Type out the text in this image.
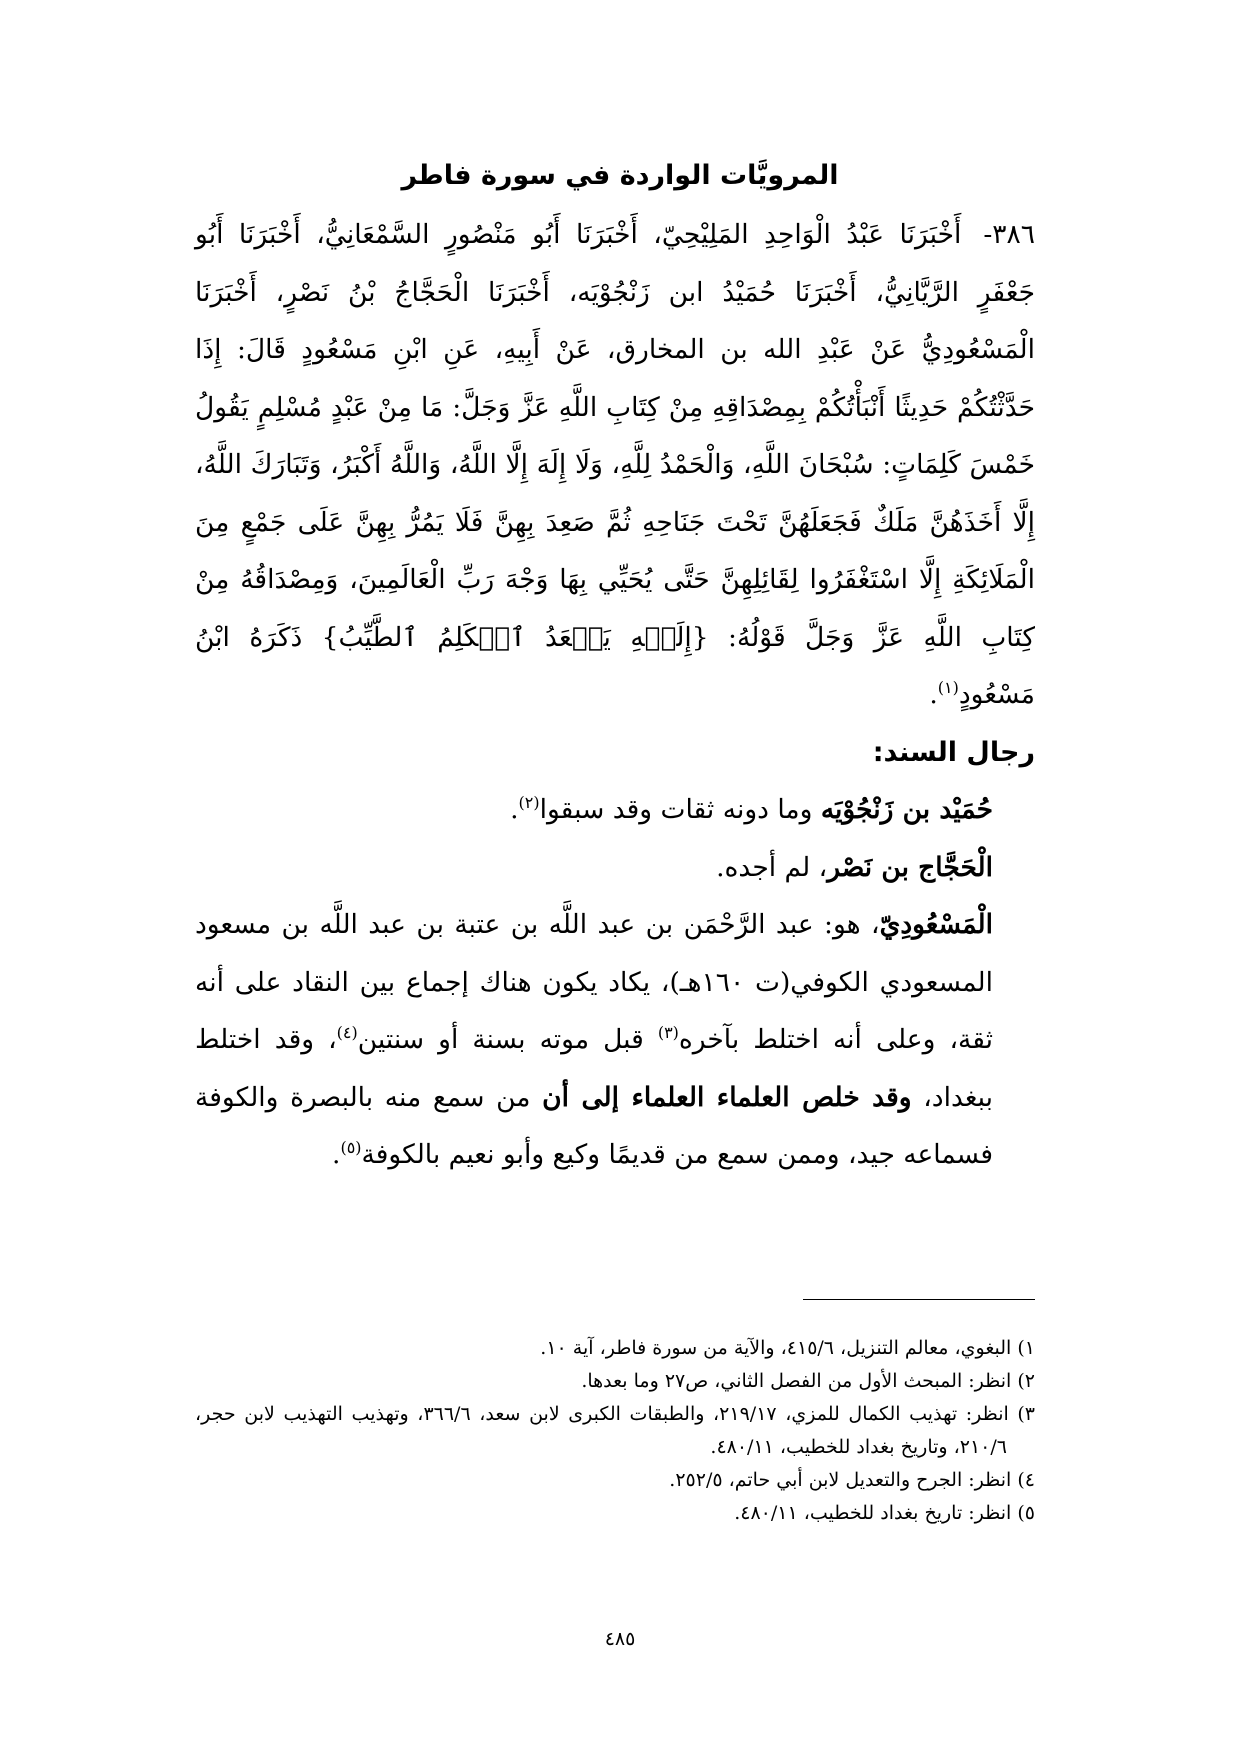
المرويَّات الواردة في سورة فاطر

٣٨٦-أَخْبَرَنَا عَبْدُ الْوَاحِدِ المَلِيْحِيّ، أَخْبَرَنَا أَبُو مَنْصُورٍ السَّمْعَانِيُّ، أَخْبَرَنَا أَبُو جَعْفَرٍ الرَّيَّانِيُّ، أَخْبَرَنَا حُمَيْدُ ابن زَنْجُوْيَه، أَخْبَرَنَا الْحَجَّاجُ بْنُ نَصْرٍ، أَخْبَرَنَا الْمَسْعُودِيُّ عَنْ عَبْدِ الله بن المخارق، عَنْ أَبِيهِ، عَنِ ابْنِ مَسْعُودٍ قَالَ: إِذَا حَدَّثْتُكُمْ حَدِيثًا أَنْبَأْتُكُمْ بِمِصْدَاقِهِ مِنْ كِتَابِ اللَّهِ عَزَّ وَجَلَّ: مَا مِنْ عَبْدٍ مُسْلِمٍ يَقُولُ خَمْسَ كَلِمَاتٍ: سُبْحَانَ اللَّهِ، وَالْحَمْدُ لِلَّهِ، وَلَا إِلَهَ إِلَّا اللَّهُ، وَاللَّهُ أَكْبَرُ، وَتَبَارَكَ اللَّهُ، إِلَّا أَخَذَهُنَّ مَلَكٌ فَجَعَلَهُنَّ تَحْتَ جَنَاحِهِ ثُمَّ صَعِدَ بِهِنَّ فَلَا يَمُرُّ بِهِنَّ عَلَى جَمْعٍ مِنَ الْمَلَائِكَةِ إِلَّا اسْتَغْفَرُوا لِقَائِلِهِنَّ حَتَّى يُحَيِّي بِهَا وَجْهَ رَبِّ الْعَالَمِينَ، وَمِصْدَاقُهُ مِنْ كِتَابِ اللَّهِ عَزَّ وَجَلَّ قَوْلُهُ: {إِلَيۡهِ يَصۡعَدُ ٱلۡكَلِمُ ٱلطَّيِّبُ} ذَكَرَهُ ابْنُ مَسْعُودٍ$^{(١)}$.

رجال السند:

حُمَيْد بن زَنْجُوْيَه وما دونه ثقات وقد سبقوا$^{(٢)}$.

الْحَجَّاج بن نَصْر، لم أجده.

الْمَسْعُودِيّ، هو: عبد الرَّحْمَن بن عبد اللَّه بن عتبة بن عبد اللَّه بن مسعود المسعودي الكوفي(ت ١٦٠هـ)، يكاد يكون هناك إجماع بين النقاد على أنه ثقة، وعلى أنه اختلط بآخره$^{(٣)}$ قبل موته بسنة أو سنتين$^{(٤)}$، وقد اختلط ببغداد، وقد خلص العلماء العلماء إلى أن من سمع منه بالبصرة والكوفة فسماعه جيد، وممن سمع من قديمًا وكيع وأبو نعيم بالكوفة$^{(٥)}$.

١) البغوي، معالم التنزيل، ٤١٥/٦، والآية من سورة فاطر، آية ١٠.

٢) انظر: المبحث الأول من الفصل الثاني، ص٢٧ وما بعدها.

٣) انظر: تهذيب الكمال للمزي، ٢١٩/١٧، والطبقات الكبرى لابن سعد، ٣٦٦/٦، وتهذيب التهذيب لابن حجر، ٢١٠/٦، وتاريخ بغداد للخطيب، ٤٨٠/١١.

٤) انظر: الجرح والتعديل لابن أبي حاتم، ٢٥٢/٥.

٥) انظر: تاريخ بغداد للخطيب، ٤٨٠/١١.

٤٨٥
